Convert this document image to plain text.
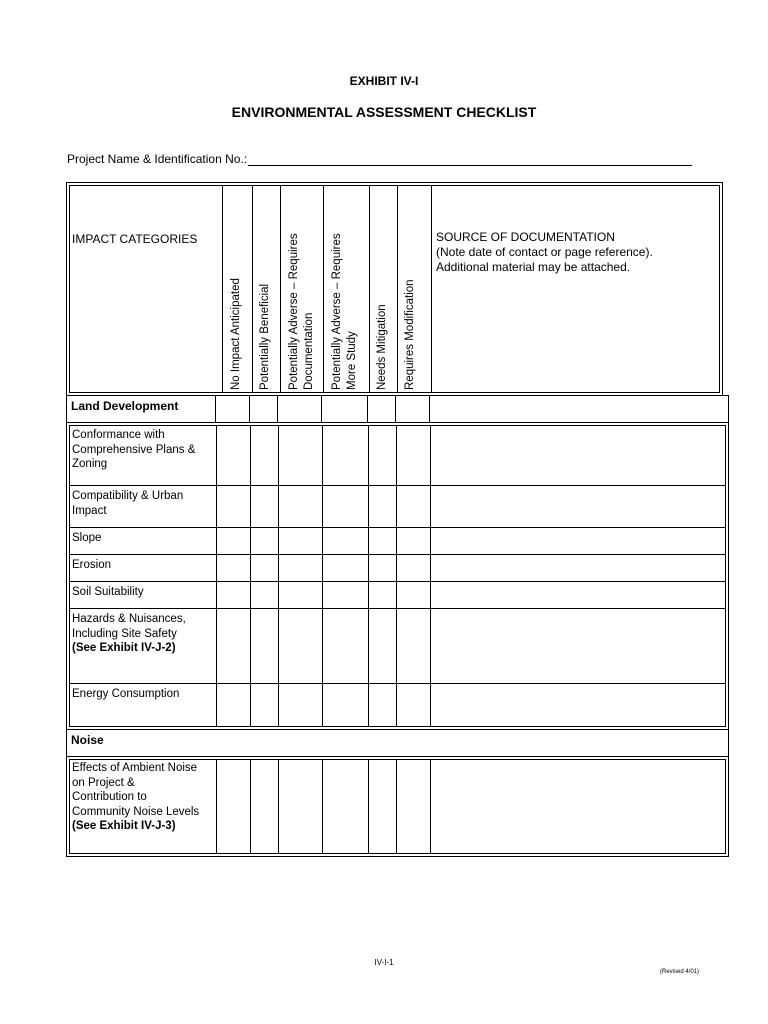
EXHIBIT IV-I
ENVIRONMENTAL ASSESSMENT CHECKLIST
Project Name & Identification No.:
IMPACT CATEGORIES
No Impact Anticipated Potentially Beneficial Potentially Adverse – Requires Documentation Potentially Adverse – Requires More Study Needs Mitigation Requires Modification
SOURCE OF DOCUMENTATION
(Note date of contact or page reference).
Additional material may be attached.
Land Development
Conformance with
Comprehensive Plans &
Zoning
Compatibility & Urban
Impact
Slope
Erosion
Soil Suitability
Hazards & Nuisances,
Including Site Safety
(See Exhibit IV-J-2)
Energy Consumption
Noise
Effects of Ambient Noise
on Project &
Contribution to
Community Noise Levels
(See Exhibit IV-J-3)
IV-I-1
(Revised 4/01)
